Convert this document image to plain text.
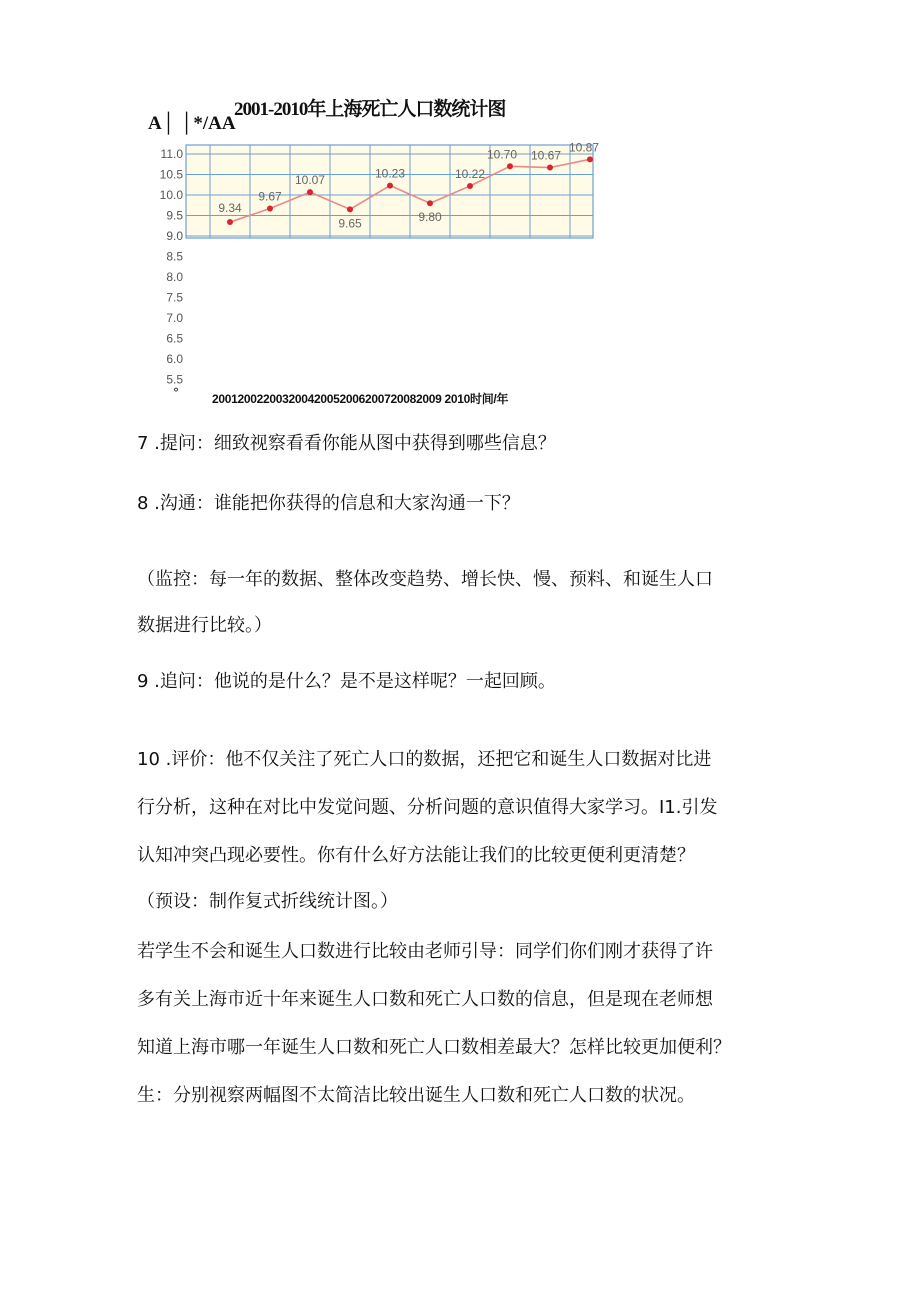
2001-2010年上海死亡人口数统计图
A│ │*/AA
11.0
10.5
10.0
9.5
9.0
8.5
8.0
7.5
7.0
6.5
6.0
5.5
9.34
9.67
10.07
9.65
10.23
9.80
10.22
10.70 10.67
10.87
°	200120022003200420052006200720082009 2010时间/年
7 .提问：细致视察看看你能从图中获得到哪些信息？
8 .沟通：谁能把你获得的信息和大家沟通一下？
（监控：每一年的数据、整体改变趋势、增长快、慢、预料、和诞生人口
数据进行比较。）
9 .追问：他说的是什么？是不是这样呢？一起回顾。
10 .评价：他不仅关注了死亡人口的数据，还把它和诞生人口数据对比进
行分析，这种在对比中发觉问题、分析问题的意识值得大家学习。I1.引发
认知冲突凸现必要性。你有什么好方法能让我们的比较更便利更清楚？
（预设：制作复式折线统计图。）
若学生不会和诞生人口数进行比较由老师引导：同学们你们刚才获得了许
多有关上海市近十年来诞生人口数和死亡人口数的信息，但是现在老师想
知道上海市哪一年诞生人口数和死亡人口数相差最大？怎样比较更加便利？
生：分别视察两幅图不太简洁比较出诞生人口数和死亡人口数的状况。
